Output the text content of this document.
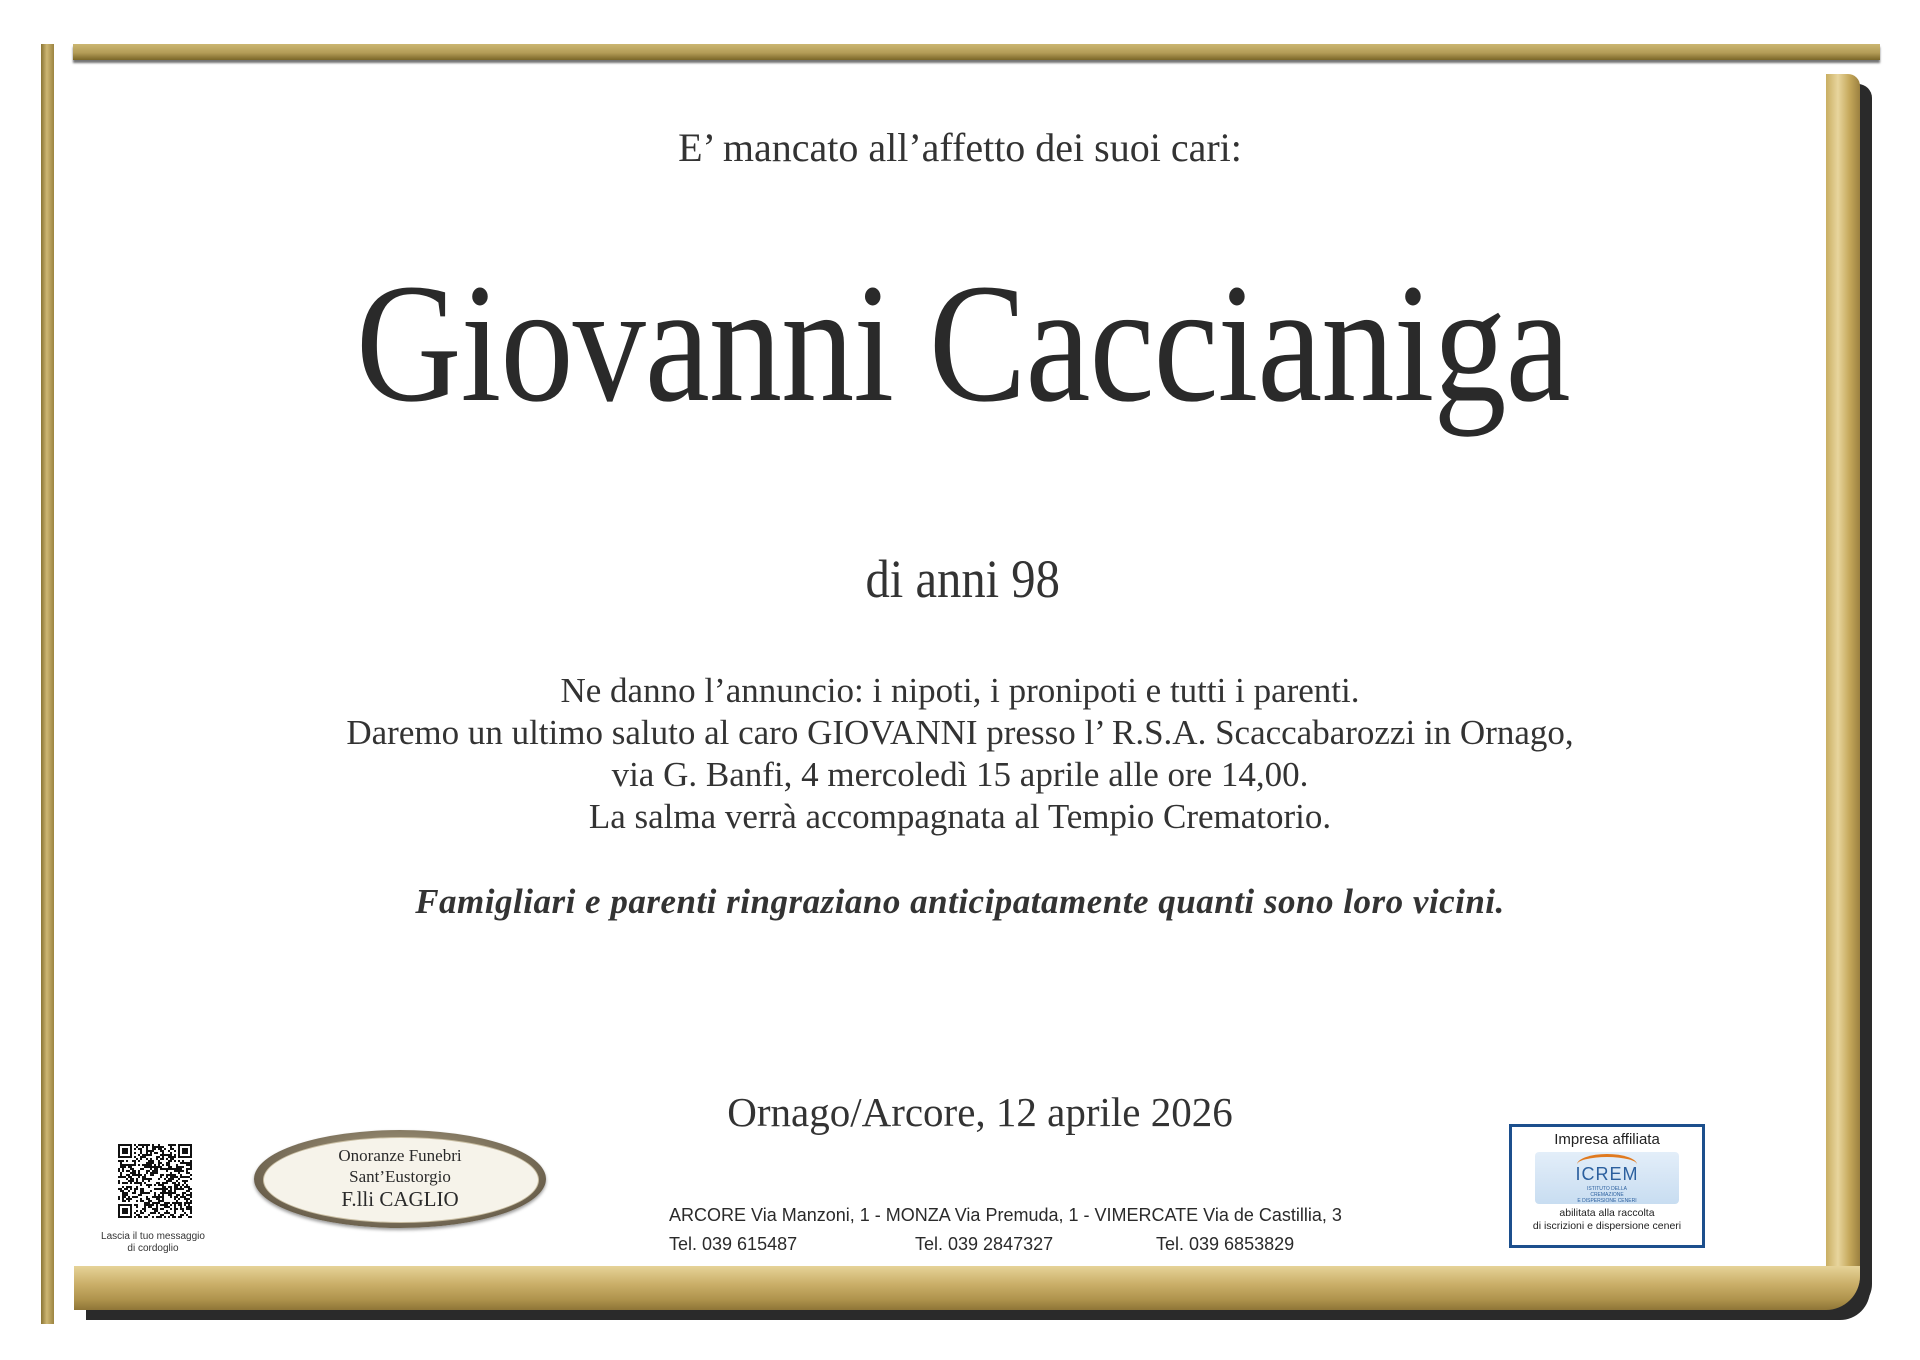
E’ mancato all’affetto dei suoi cari:

Giovanni Caccianiga

di anni 98

Ne danno l’annuncio: i nipoti, i pronipoti e tutti i parenti.
Daremo un ultimo saluto al caro GIOVANNI presso l’ R.S.A. Scaccabarozzi in Ornago,
via G. Banfi, 4 mercoledì 15 aprile alle ore 14,00.
La salma verrà accompagnata al Tempio Crematorio.

Famigliari e parenti ringraziano anticipatamente quanti sono loro vicini.

Ornago/Arcore, 12 aprile 2026

Lascia il tuo messaggio
di cordoglio
Onoranze Funebri
Sant’Eustorgio
F.lli CAGLIO
ARCORE Via Manzoni, 1 - MONZA Via Premuda, 1 - VIMERCATE Via de Castillia, 3
Tel. 039 615487	Tel. 039 2847327	Tel. 039 6853829
Impresa affiliata
ICREM
ISTITUTO DELLA
CREMAZIONE
E DISPERSIONE CENERI
abilitata alla raccolta
di iscrizioni e dispersione ceneri
